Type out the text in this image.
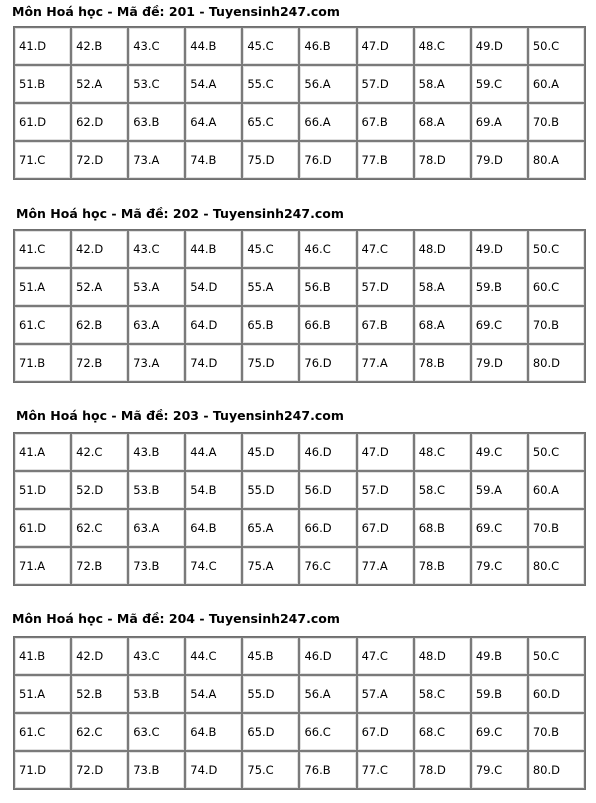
Môn Hoá học - Mã đề: 201 - Tuyensinh247.com
41.D	42.B	43.C	44.B	45.C	46.B	47.D	48.C	49.D	50.C
51.B	52.A	53.C	54.A	55.C	56.A	57.D	58.A	59.C	60.A
61.D	62.D	63.B	64.A	65.C	66.A	67.B	68.A	69.A	70.B
71.C	72.D	73.A	74.B	75.D	76.D	77.B	78.D	79.D	80.A
Môn Hoá học - Mã đề: 202 - Tuyensinh247.com
41.C	42.D	43.C	44.B	45.C	46.C	47.C	48.D	49.D	50.C
51.A	52.A	53.A	54.D	55.A	56.B	57.D	58.A	59.B	60.C
61.C	62.B	63.A	64.D	65.B	66.B	67.B	68.A	69.C	70.B
71.B	72.B	73.A	74.D	75.D	76.D	77.A	78.B	79.D	80.D
Môn Hoá học - Mã đề: 203 - Tuyensinh247.com
41.A	42.C	43.B	44.A	45.D	46.D	47.D	48.C	49.C	50.C
51.D	52.D	53.B	54.B	55.D	56.D	57.D	58.C	59.A	60.A
61.D	62.C	63.A	64.B	65.A	66.D	67.D	68.B	69.C	70.B
71.A	72.B	73.B	74.C	75.A	76.C	77.A	78.B	79.C	80.C
Môn Hoá học - Mã đề: 204 - Tuyensinh247.com
41.B	42.D	43.C	44.C	45.B	46.D	47.C	48.D	49.B	50.C
51.A	52.B	53.B	54.A	55.D	56.A	57.A	58.C	59.B	60.D
61.C	62.C	63.C	64.B	65.D	66.C	67.D	68.C	69.C	70.B
71.D	72.D	73.B	74.D	75.C	76.B	77.C	78.D	79.C	80.D
